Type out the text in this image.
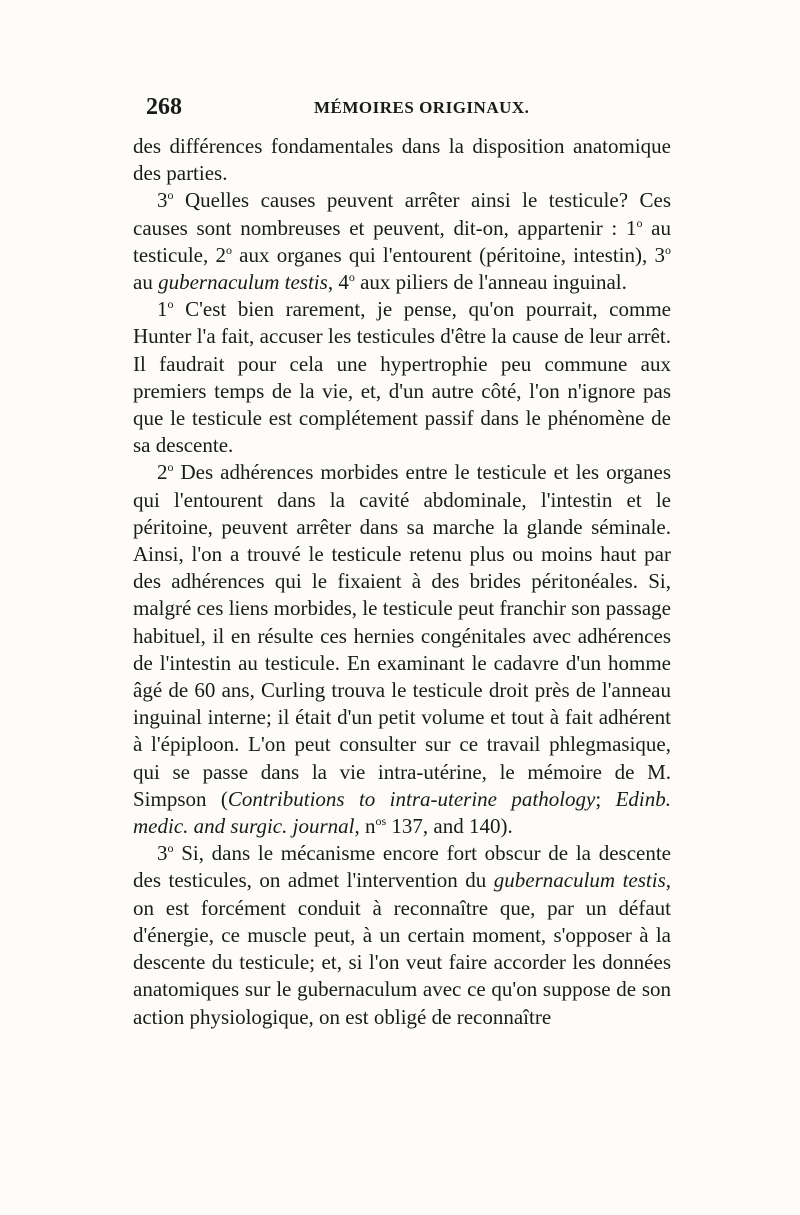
268	MÉMOIRES ORIGINAUX.

des différences fondamentales dans la disposition anatomique des parties.

3$^o$ Quelles causes peuvent arrêter ainsi le testicule? Ces causes sont nombreuses et peuvent, dit-on, appartenir : 1$^o$ au testicule, 2$^o$ aux organes qui l'entourent (péritoine, intestin), 3$^o$ au gubernaculum testis, 4$^o$ aux piliers de l'anneau inguinal.

1$^o$ C'est bien rarement, je pense, qu'on pourrait, comme Hunter l'a fait, accuser les testicules d'être la cause de leur arrêt. Il faudrait pour cela une hypertrophie peu commune aux premiers temps de la vie, et, d'un autre côté, l'on n'ignore pas que le testicule est complétement passif dans le phénomène de sa descente.

2$^o$ Des adhérences morbides entre le testicule et les organes qui l'entourent dans la cavité abdominale, l'intestin et le péritoine, peuvent arrêter dans sa marche la glande séminale. Ainsi, l'on a trouvé le testicule retenu plus ou moins haut par des adhérences qui le fixaient à des brides péritonéales. Si, malgré ces liens morbides, le testicule peut franchir son passage habituel, il en résulte ces hernies congénitales avec adhérences de l'intestin au testicule. En examinant le cadavre d'un homme âgé de 60 ans, Curling trouva le testicule droit près de l'anneau inguinal interne; il était d'un petit volume et tout à fait adhérent à l'épiploon. L'on peut consulter sur ce travail phlegmasique, qui se passe dans la vie intra-utérine, le mémoire de M. Simpson (Contributions to intra-uterine pathology; Edinb. medic. and surgic. journal, $n^{os}$ 137, and 140).

3$^o$ Si, dans le mécanisme encore fort obscur de la descente des testicules, on admet l'intervention du gubernaculum testis, on est forcément conduit à reconnaître que, par un défaut d'énergie, ce muscle peut, à un certain moment, s'opposer à la descente du testicule; et, si l'on veut faire accorder les données anatomiques sur le gubernaculum avec ce qu'on suppose de son action physiologique, on est obligé de reconnaître
